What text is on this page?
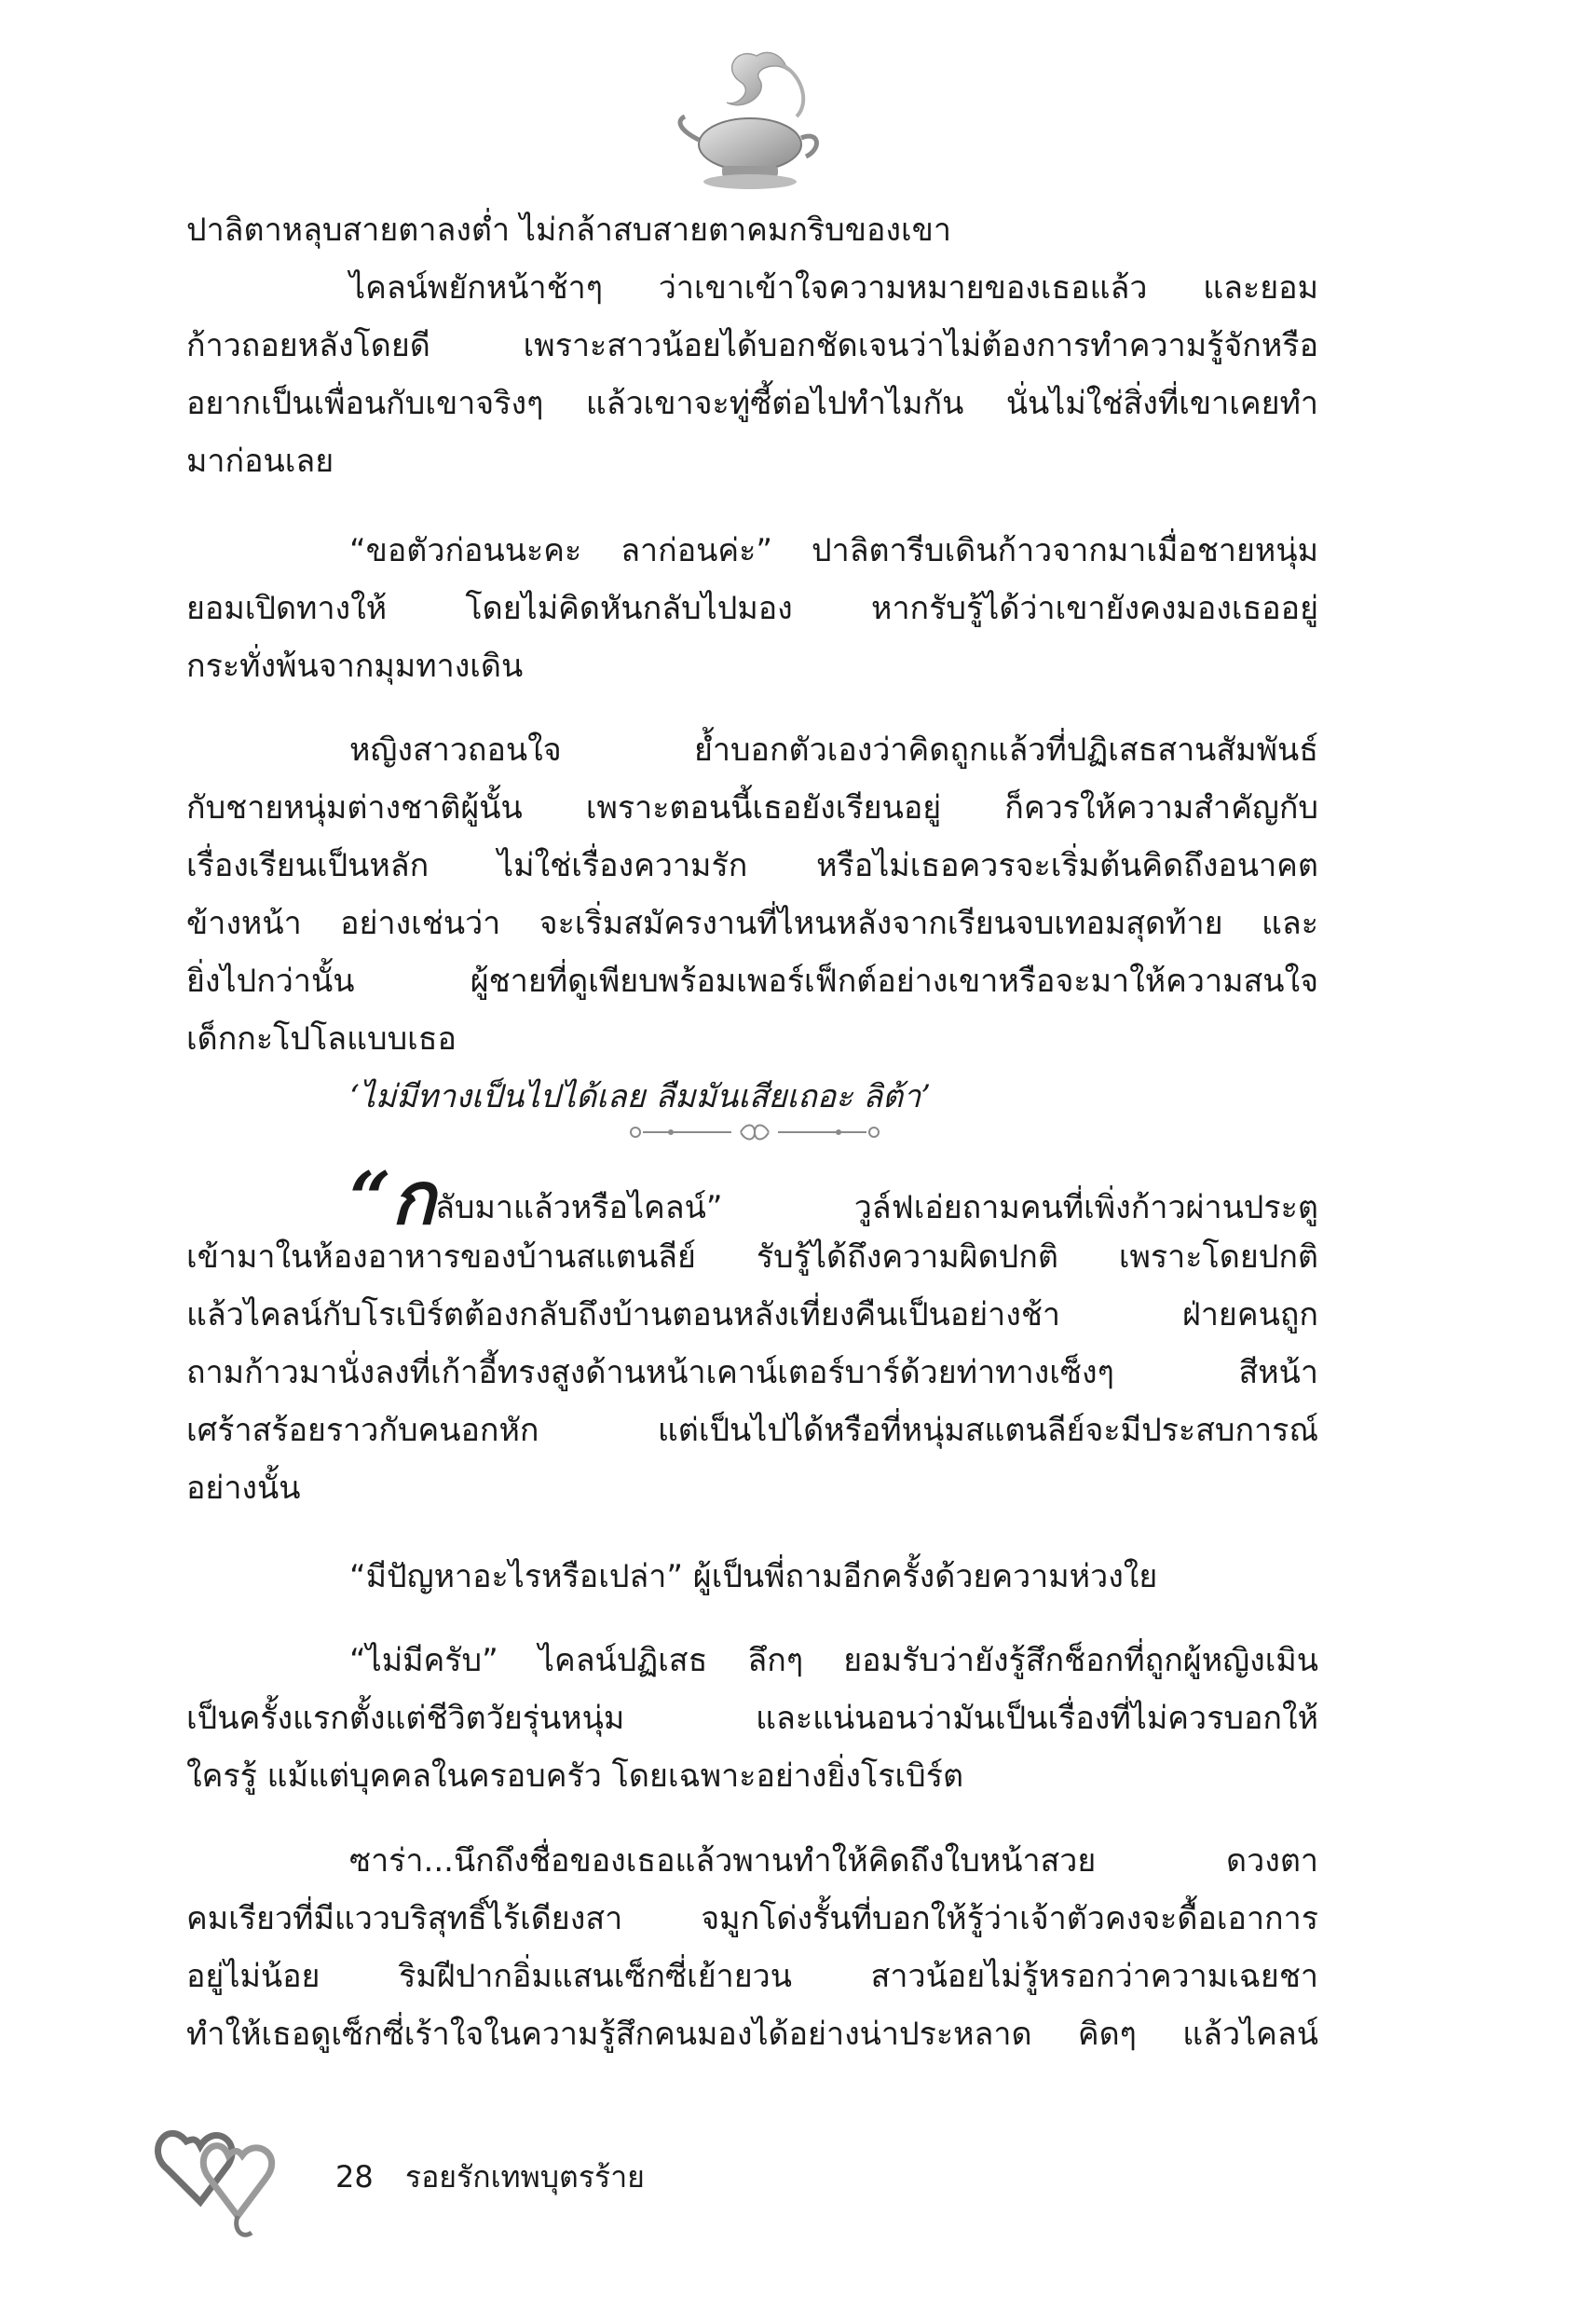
ปาลิตาหลุบสายตาลงต่ำ ไม่กล้าสบสายตาคมกริบของเขา
ไคลน์พยักหน้าช้าๆ ว่าเขาเข้าใจความหมายของเธอแล้ว และยอม
ก้าวถอยหลังโดยดี เพราะสาวน้อยได้บอกชัดเจนว่าไม่ต้องการทำความรู้จักหรือ
อยากเป็นเพื่อนกับเขาจริงๆ แล้วเขาจะทู่ซี้ต่อไปทำไมกัน นั่นไม่ใช่สิ่งที่เขาเคยทำ
มาก่อนเลย
“ขอตัวก่อนนะคะ ลาก่อนค่ะ” ปาลิตารีบเดินก้าวจากมาเมื่อชายหนุ่ม
ยอมเปิดทางให้ โดยไม่คิดหันกลับไปมอง หากรับรู้ได้ว่าเขายังคงมองเธออยู่
กระทั่งพ้นจากมุมทางเดิน
หญิงสาวถอนใจ ย้ำบอกตัวเองว่าคิดถูกแล้วที่ปฏิเสธสานสัมพันธ์
กับชายหนุ่มต่างชาติผู้นั้น เพราะตอนนี้เธอยังเรียนอยู่ ก็ควรให้ความสำคัญกับ
เรื่องเรียนเป็นหลัก ไม่ใช่เรื่องความรัก หรือไม่เธอควรจะเริ่มต้นคิดถึงอนาคต
ข้างหน้า อย่างเช่นว่า จะเริ่มสมัครงานที่ไหนหลังจากเรียนจบเทอมสุดท้าย และ
ยิ่งไปกว่านั้น ผู้ชายที่ดูเพียบพร้อมเพอร์เฟ็กต์อย่างเขาหรือจะมาให้ความสนใจ
เด็กกะโปโลแบบเธอ
‘ไม่มีทางเป็นไปได้เลย ลืมมันเสียเถอะ ลิต้า’
“กลับมาแล้วหรือไคลน์” วูล์ฟเอ่ยถามคนที่เพิ่งก้าวผ่านประตู
เข้ามาในห้องอาหารของบ้านสแตนลีย์ รับรู้ได้ถึงความผิดปกติ เพราะโดยปกติ
แล้วไคลน์กับโรเบิร์ตต้องกลับถึงบ้านตอนหลังเที่ยงคืนเป็นอย่างช้า ฝ่ายคนถูก
ถามก้าวมานั่งลงที่เก้าอี้ทรงสูงด้านหน้าเคาน์เตอร์บาร์ด้วยท่าทางเซ็งๆ สีหน้า
เศร้าสร้อยราวกับคนอกหัก แต่เป็นไปได้หรือที่หนุ่มสแตนลีย์จะมีประสบการณ์
อย่างนั้น
“มีปัญหาอะไรหรือเปล่า” ผู้เป็นพี่ถามอีกครั้งด้วยความห่วงใย
“ไม่มีครับ” ไคลน์ปฏิเสธ ลึกๆ ยอมรับว่ายังรู้สึกช็อกที่ถูกผู้หญิงเมิน
เป็นครั้งแรกตั้งแต่ชีวิตวัยรุ่นหนุ่ม และแน่นอนว่ามันเป็นเรื่องที่ไม่ควรบอกให้
ใครรู้ แม้แต่บุคคลในครอบครัว โดยเฉพาะอย่างยิ่งโรเบิร์ต
ซาร่า...นึกถึงชื่อของเธอแล้วพานทำให้คิดถึงใบหน้าสวย ดวงตา
คมเรียวที่มีแววบริสุทธิ์ไร้เดียงสา จมูกโด่งรั้นที่บอกให้รู้ว่าเจ้าตัวคงจะดื้อเอาการ
อยู่ไม่น้อย ริมฝีปากอิ่มแสนเซ็กซี่เย้ายวน สาวน้อยไม่รู้หรอกว่าความเฉยชา
ทำให้เธอดูเซ็กซี่เร้าใจในความรู้สึกคนมองได้อย่างน่าประหลาด คิดๆ แล้วไคลน์
28 รอยรักเทพบุตรร้าย
